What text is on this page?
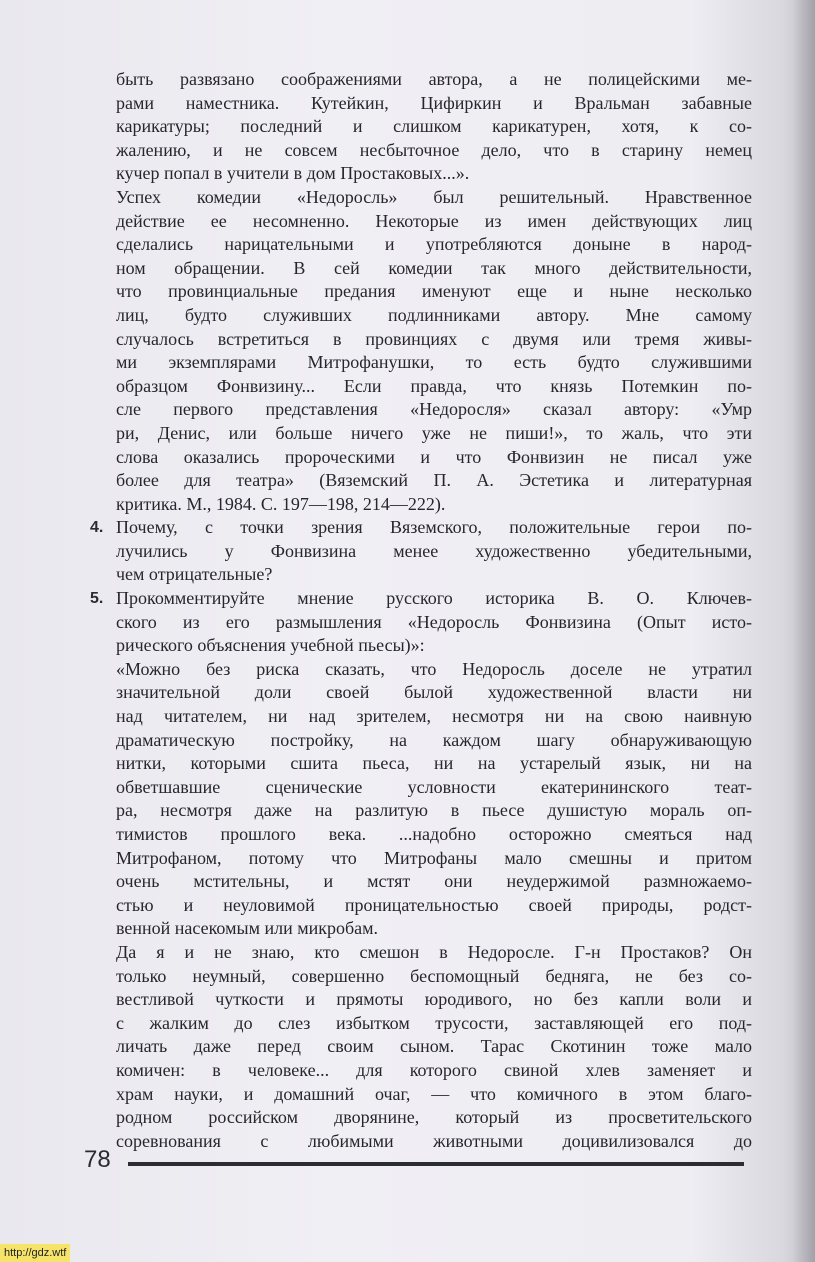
быть развязано соображениями автора, а не полицейскими ме-
рами наместника. Кутейкин, Цифиркин и Вральман забавные
карикатуры; последний и слишком карикатурен, хотя, к со-
жалению, и не совсем несбыточное дело, что в старину немец
кучер попал в учители в дом Простаковых...».
Успех комедии «Недоросль» был решительный. Нравственное
действие ее несомненно. Некоторые из имен действующих лиц
сделались нарицательными и употребляются доныне в народ-
ном обращении. В сей комедии так много действительности,
что провинциальные предания именуют еще и ныне несколько
лиц, будто служивших подлинниками автору. Мне самому
случалось встретиться в провинциях с двумя или тремя живы-
ми экземплярами Митрофанушки, то есть будто служившими
образцом Фонвизину... Если правда, что князь Потемкин по-
сле первого представления «Недоросля» сказал автору: «Умр
ри, Денис, или больше ничего уже не пиши!», то жаль, что эти
слова оказались пророческими и что Фонвизин не писал уже
более для театра» (Вяземский П. А. Эстетика и литературная
критика. М., 1984. С. 197—198, 214—222).
4. Почему, с точки зрения Вяземского, положительные герои по-
лучились у Фонвизина менее художественно убедительными,
чем отрицательные?
5. Прокомментируйте мнение русского историка В. О. Ключев-
ского из его размышления «Недоросль Фонвизина (Опыт исто-
рического объяснения учебной пьесы)»:
«Можно без риска сказать, что Недоросль доселе не утратил
значительной доли своей былой художественной власти ни
над читателем, ни над зрителем, несмотря ни на свою наивную
драматическую постройку, на каждом шагу обнаруживающую
нитки, которыми сшита пьеса, ни на устарелый язык, ни на
обветшавшие сценические условности екатерининского теат-
ра, несмотря даже на разлитую в пьесе душистую мораль оп-
тимистов прошлого века. ...надобно осторожно смеяться над
Митрофаном, потому что Митрофаны мало смешны и притом
очень мстительны, и мстят они неудержимой размножаемо-
стью и неуловимой проницательностью своей природы, родст-
венной насекомым или микробам.
Да я и не знаю, кто смешон в Недоросле. Г-н Простаков? Он
только неумный, совершенно беспомощный бедняга, не без со-
вестливой чуткости и прямоты юродивого, но без капли воли и
с жалким до слез избытком трусости, заставляющей его под-
личать даже перед своим сыном. Тарас Скотинин тоже мало
комичен: в человеке... для которого свиной хлев заменяет и
храм науки, и домашний очаг, — что комичного в этом благо-
родном российском дворянине, который из просветительского
соревнования с любимыми животными доцивилизовался до
78
http://gdz.wtf
